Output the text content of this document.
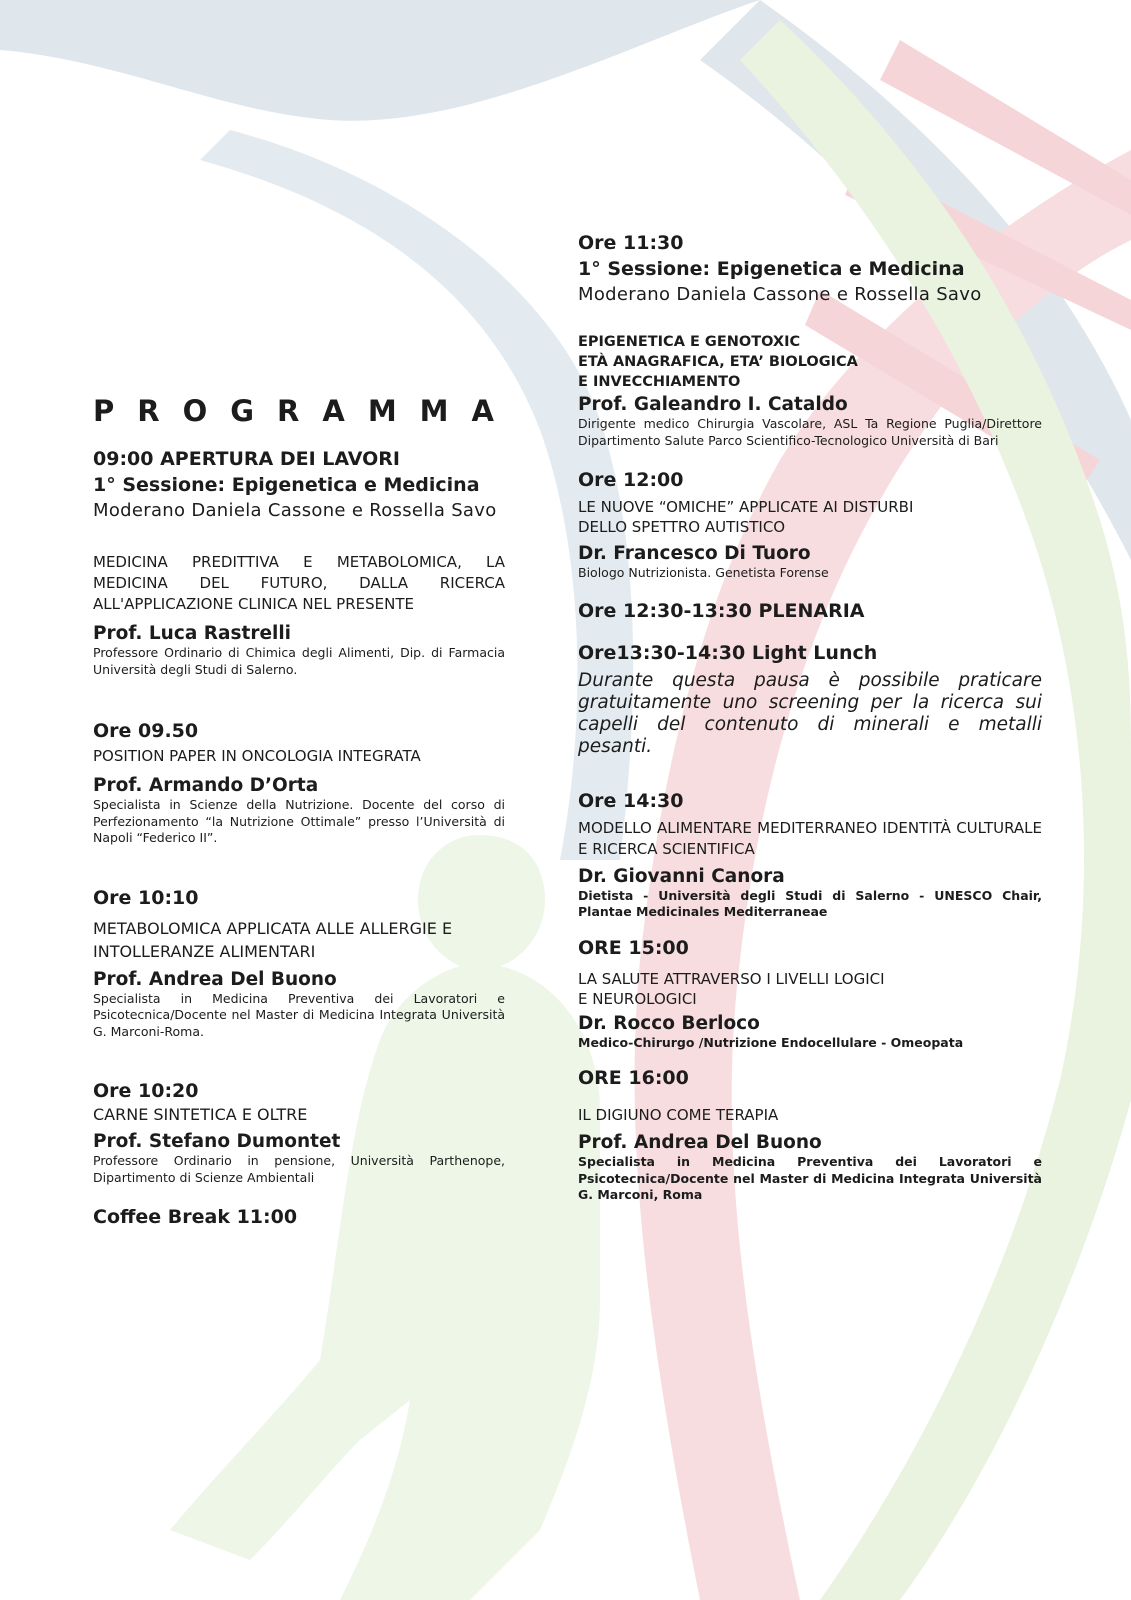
PROGRAMMA

09:00 APERTURA DEI LAVORI

1° Sessione: Epigenetica e Medicina

Moderano Daniela Cassone e Rossella Savo

MEDICINA PREDITTIVA E METABOLOMICA, LA MEDICINA DEL FUTURO, DALLA RICERCA ALL'APPLICAZIONE CLINICA NEL PRESENTE

Prof. Luca Rastrelli

Professore Ordinario di Chimica degli Alimenti, Dip. di Farmacia Università degli Studi di Salerno.

Ore 09.50

POSITION PAPER IN ONCOLOGIA INTEGRATA

Prof. Armando D’Orta

Specialista in Scienze della Nutrizione. Docente del corso di Perfezionamento “la Nutrizione Ottimale” presso l’Università di Napoli “Federico II”.

Ore 10:10

METABOLOMICA APPLICATA ALLE ALLERGIE E INTOLLERANZE ALIMENTARI

Prof. Andrea Del Buono

Specialista in Medicina Preventiva dei Lavoratori e Psicotecnica/Docente nel Master di Medicina Integrata Università G. Marconi-Roma.

Ore 10:20

CARNE SINTETICA E OLTRE

Prof. Stefano Dumontet

Professore Ordinario in pensione, Università Parthenope, Dipartimento di Scienze Ambientali

Coffee Break 11:00

Ore 11:30

1° Sessione: Epigenetica e Medicina

Moderano Daniela Cassone e Rossella Savo

EPIGENETICA E GENOTOXIC

ETÀ ANAGRAFICA, ETA’ BIOLOGICA

E INVECCHIAMENTO

Prof. Galeandro I. Cataldo

Dirigente medico Chirurgia Vascolare, ASL Ta Regione Puglia/Direttore Dipartimento Salute Parco Scientifico-Tecnologico Università di Bari

Ore 12:00

LE NUOVE “OMICHE” APPLICATE AI DISTURBI

DELLO SPETTRO AUTISTICO

Dr. Francesco Di Tuoro

Biologo Nutrizionista. Genetista Forense

Ore 12:30-13:30 PLENARIA

Ore13:30-14:30 Light Lunch

Durante questa pausa è possibile praticare gratuitamente uno screening per la ricerca sui capelli del contenuto di minerali e metalli pesanti.

Ore 14:30

MODELLO ALIMENTARE MEDITERRANEO IDENTITÀ CULTURALE E RICERCA SCIENTIFICA

Dr. Giovanni Canora

Dietista - Università degli Studi di Salerno - UNESCO Chair, Plantae Medicinales Mediterraneae

ORE 15:00

LA SALUTE ATTRAVERSO I LIVELLI LOGICI

E NEUROLOGICI

Dr. Rocco Berloco

Medico-Chirurgo /Nutrizione Endocellulare - Omeopata

ORE 16:00

IL DIGIUNO COME TERAPIA

Prof. Andrea Del Buono

Specialista in Medicina Preventiva dei Lavoratori e Psicotecnica/Docente nel Master di Medicina Integrata Università G. Marconi, Roma
